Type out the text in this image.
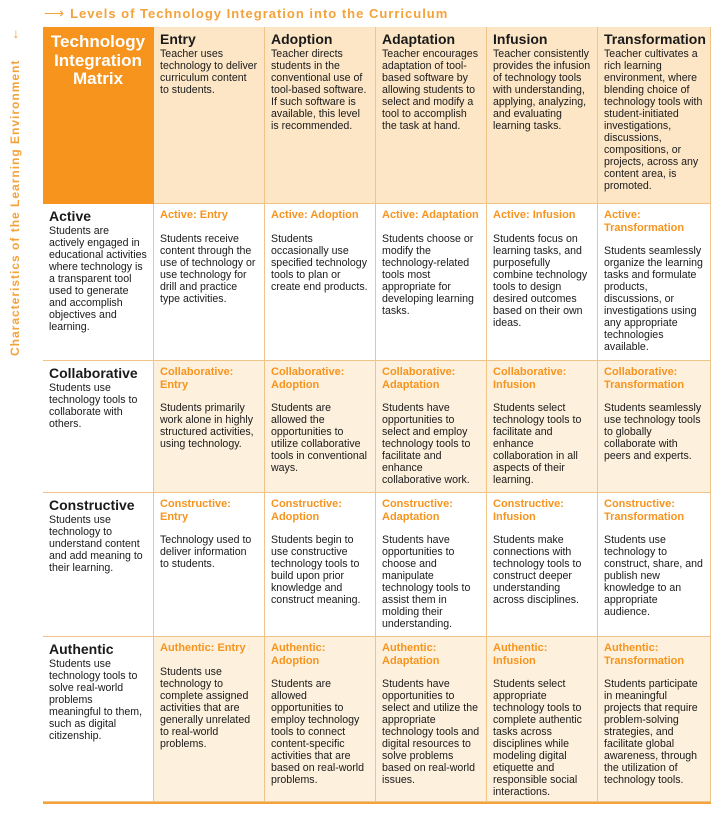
⟶ Levels of Technology Integration into the Curriculum
↓
Characteristics of the Learning Environment
Technology Integration Matrix
Entry
Teacher uses technology to deliver curriculum content to students.
Adoption
Teacher directs students in the conventional use of tool-based software. If such software is available, this level is recommended.
Adaptation
Teacher encourages adaptation of tool-based software by allowing students to select and modify a tool to accomplish the task at hand.
Infusion
Teacher consistently provides the infusion of technology tools with understanding, applying, analyzing, and evaluating learning tasks.
Transformation
Teacher cultivates a rich learning environment, where blending choice of technology tools with student-initiated investigations, discussions, compositions, or projects, across any content area, is promoted.
Active
Students are actively engaged in educational activities where technology is a transparent tool used to generate and accomplish objectives and learning.
Active: Entry
Students receive content through the use of technology or use technology for drill and practice type activities.
Active: Adoption
Students occasionally use specified technology tools to plan or create end products.
Active: Adaptation
Students choose or modify the technology-related tools most appropriate for developing learning tasks.
Active: Infusion
Students focus on learning tasks, and purposefully combine technology tools to design desired outcomes based on their own ideas.
Active: Transformation
Students seamlessly organize the learning tasks and formulate products, discussions, or investigations using any appropriate technologies available.
Collaborative
Students use technology tools to collaborate with others.
Collaborative: Entry
Students primarily work alone in highly structured activities, using technology.
Collaborative: Adoption
Students are allowed the opportunities to utilize collaborative tools in conventional ways.
Collaborative: Adaptation
Students have opportunities to select and employ technology tools to facilitate and enhance collaborative work.
Collaborative: Infusion
Students select technology tools to facilitate and enhance collaboration in all aspects of their learning.
Collaborative: Transformation
Students seamlessly use technology tools to globally collaborate with peers and experts.
Constructive
Students use technology to understand content and add meaning to their learning.
Constructive: Entry
Technology used to deliver information to students.
Constructive: Adoption
Students begin to use constructive technology tools to build upon prior knowledge and construct meaning.
Constructive: Adaptation
Students have opportunities to choose and manipulate technology tools to assist them in molding their understanding.
Constructive: Infusion
Students make connections with technology tools to construct deeper understanding across disciplines.
Constructive: Transformation
Students use technology to construct, share, and publish new knowledge to an appropriate audience.
Authentic
Students use technology tools to solve real-world problems meaningful to them, such as digital citizenship.
Authentic: Entry
Students use technology to complete assigned activities that are generally unrelated to real-world problems.
Authentic: Adoption
Students are allowed opportunities to employ technology tools to connect content-specific activities that are based on real-world problems.
Authentic: Adaptation
Students have opportunities to select and utilize the appropriate technology tools and digital resources to solve problems based on real-world issues.
Authentic: Infusion
Students select appropriate technology tools to complete authentic tasks across disciplines while modeling digital etiquette and responsible social interactions.
Authentic: Transformation
Students participate in meaningful projects that require problem-solving strategies, and facilitate global awareness, through the utilization of technology tools.
